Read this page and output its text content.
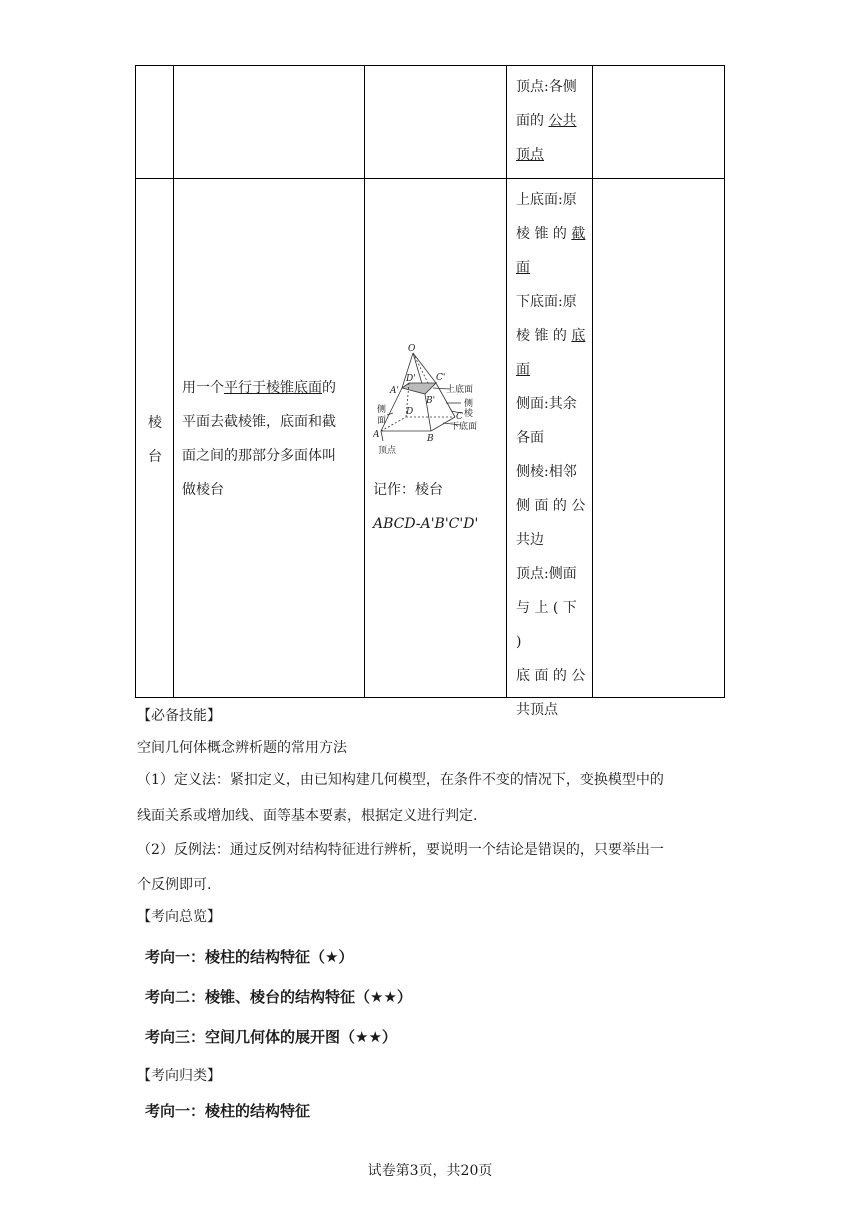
顶点:各侧
面的 公共
顶点
棱
台
用一个平行于棱锥底面的
平面去截棱锥，底面和截
面之间的那部分多面体叫
做棱台
O
D' C'
A'
B'
D	C
A	B
上底面
侧
面
侧
棱
下底面
顶点
记作：棱台
ABCD-A'B'C'D'
上底面:原
棱 锥 的 截
面
下底面:原
棱 锥 的 底
面
侧面:其余
各面
侧棱:相邻
侧 面 的 公
共边
顶点:侧面
与 上 ( 下 )
底 面 的 公
共顶点
【必备技能】
空间几何体概念辨析题的常用方法
（1）定义法：紧扣定义，由已知构建几何模型，在条件不变的情况下，变换模型中的
线面关系或增加线、面等基本要素，根据定义进行判定.
（2）反例法：通过反例对结构特征进行辨析，要说明一个结论是错误的，只要举出一
个反例即可.
【考向总览】
考向一：棱柱的结构特征（★）
考向二：棱锥、棱台的结构特征（★★）
考向三：空间几何体的展开图（★★）
【考向归类】
考向一：棱柱的结构特征
试卷第3页，共20页
